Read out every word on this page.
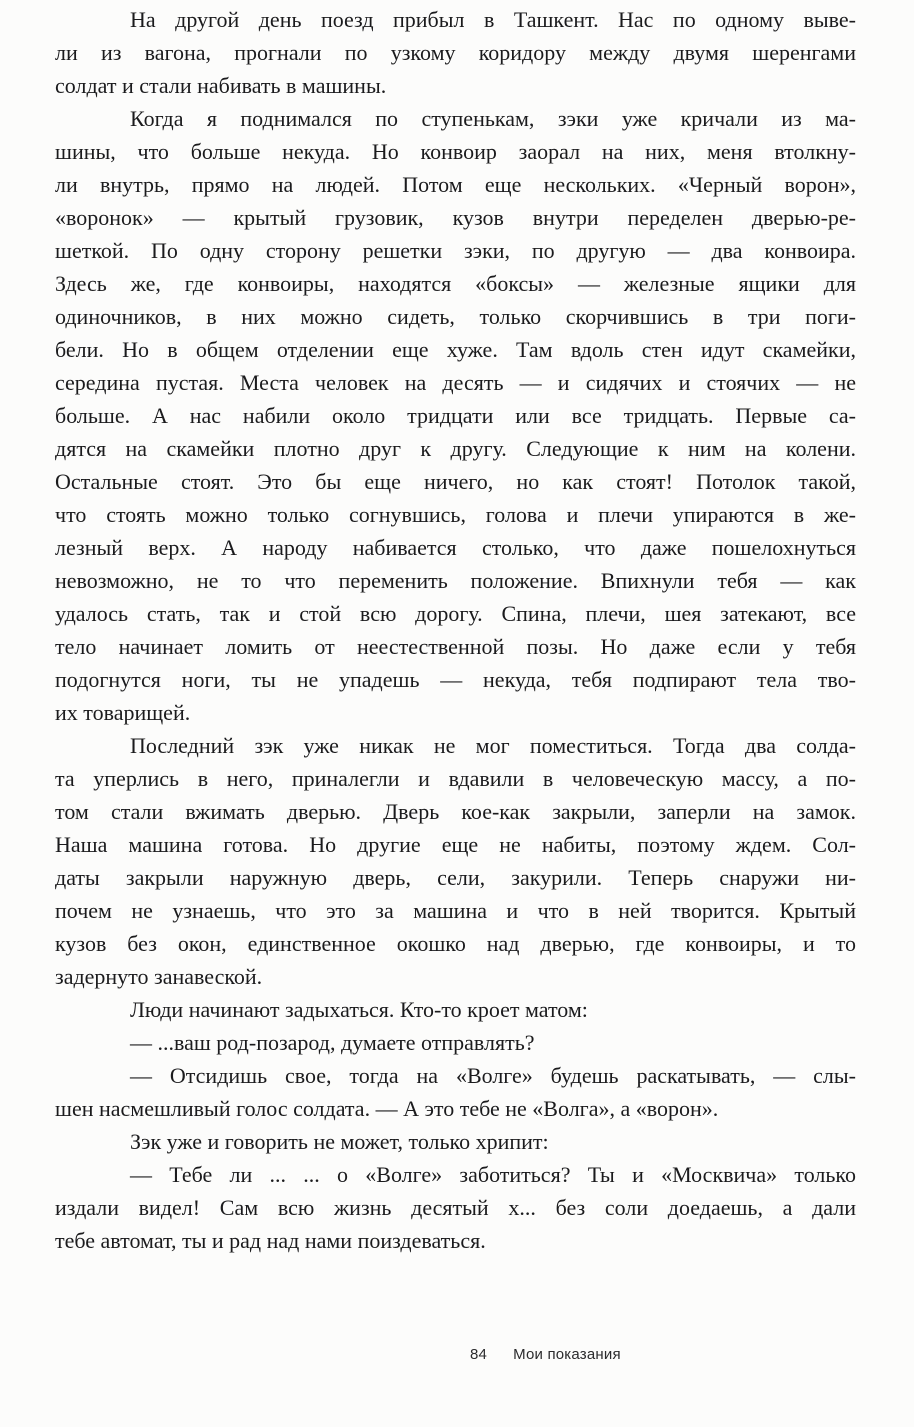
На другой день поезд прибыл в Ташкент. Нас по одному выве-
ли из вагона, прогнали по узкому коридору между двумя шеренгами
солдат и стали набивать в машины.

Когда я поднимался по ступенькам, зэки уже кричали из ма-
шины, что больше некуда. Но конвоир заорал на них, меня втолкну-
ли внутрь, прямо на людей. Потом еще нескольких. «Черный ворон»,
«воронок» — крытый грузовик, кузов внутри переделен дверью-ре-
шеткой. По одну сторону решетки зэки, по другую — два конвоира.
Здесь же, где конвоиры, находятся «боксы» — железные ящики для
одиночников, в них можно сидеть, только скорчившись в три поги-
бели. Но в общем отделении еще хуже. Там вдоль стен идут скамейки,
середина пустая. Места человек на десять — и сидячих и стоячих — не
больше. А нас набили около тридцати или все тридцать. Первые са-
дятся на скамейки плотно друг к другу. Следующие к ним на колени.
Остальные стоят. Это бы еще ничего, но как стоят! Потолок такой,
что стоять можно только согнувшись, голова и плечи упираются в же-
лезный верх. А народу набивается столько, что даже пошелохнуться
невозможно, не то что переменить положение. Впихнули тебя — как
удалось стать, так и стой всю дорогу. Спина, плечи, шея затекают, все
тело начинает ломить от неестественной позы. Но даже если у тебя
подогнутся ноги, ты не упадешь — некуда, тебя подпирают тела тво-
их товарищей.

Последний зэк уже никак не мог поместиться. Тогда два солда-
та уперлись в него, приналегли и вдавили в человеческую массу, а по-
том стали вжимать дверью. Дверь кое-как закрыли, заперли на замок.
Наша машина готова. Но другие еще не набиты, поэтому ждем. Сол-
даты закрыли наружную дверь, сели, закурили. Теперь снаружи ни-
почем не узнаешь, что это за машина и что в ней творится. Крытый
кузов без окон, единственное окошко над дверью, где конвоиры, и то
задернуто занавеской.

Люди начинают задыхаться. Кто-то кроет матом:

— ...ваш род-позарод, думаете отправлять?

— Отсидишь свое, тогда на «Волге» будешь раскатывать, — слы-
шен насмешливый голос солдата. — А это тебе не «Волга», а «ворон».

Зэк уже и говорить не может, только хрипит:

— Тебе ли ... ... о «Волге» заботиться? Ты и «Москвича» только
издали видел! Сам всю жизнь десятый х... без соли доедаешь, а дали
тебе автомат, ты и рад над нами поиздеваться.

84 Мои показания
